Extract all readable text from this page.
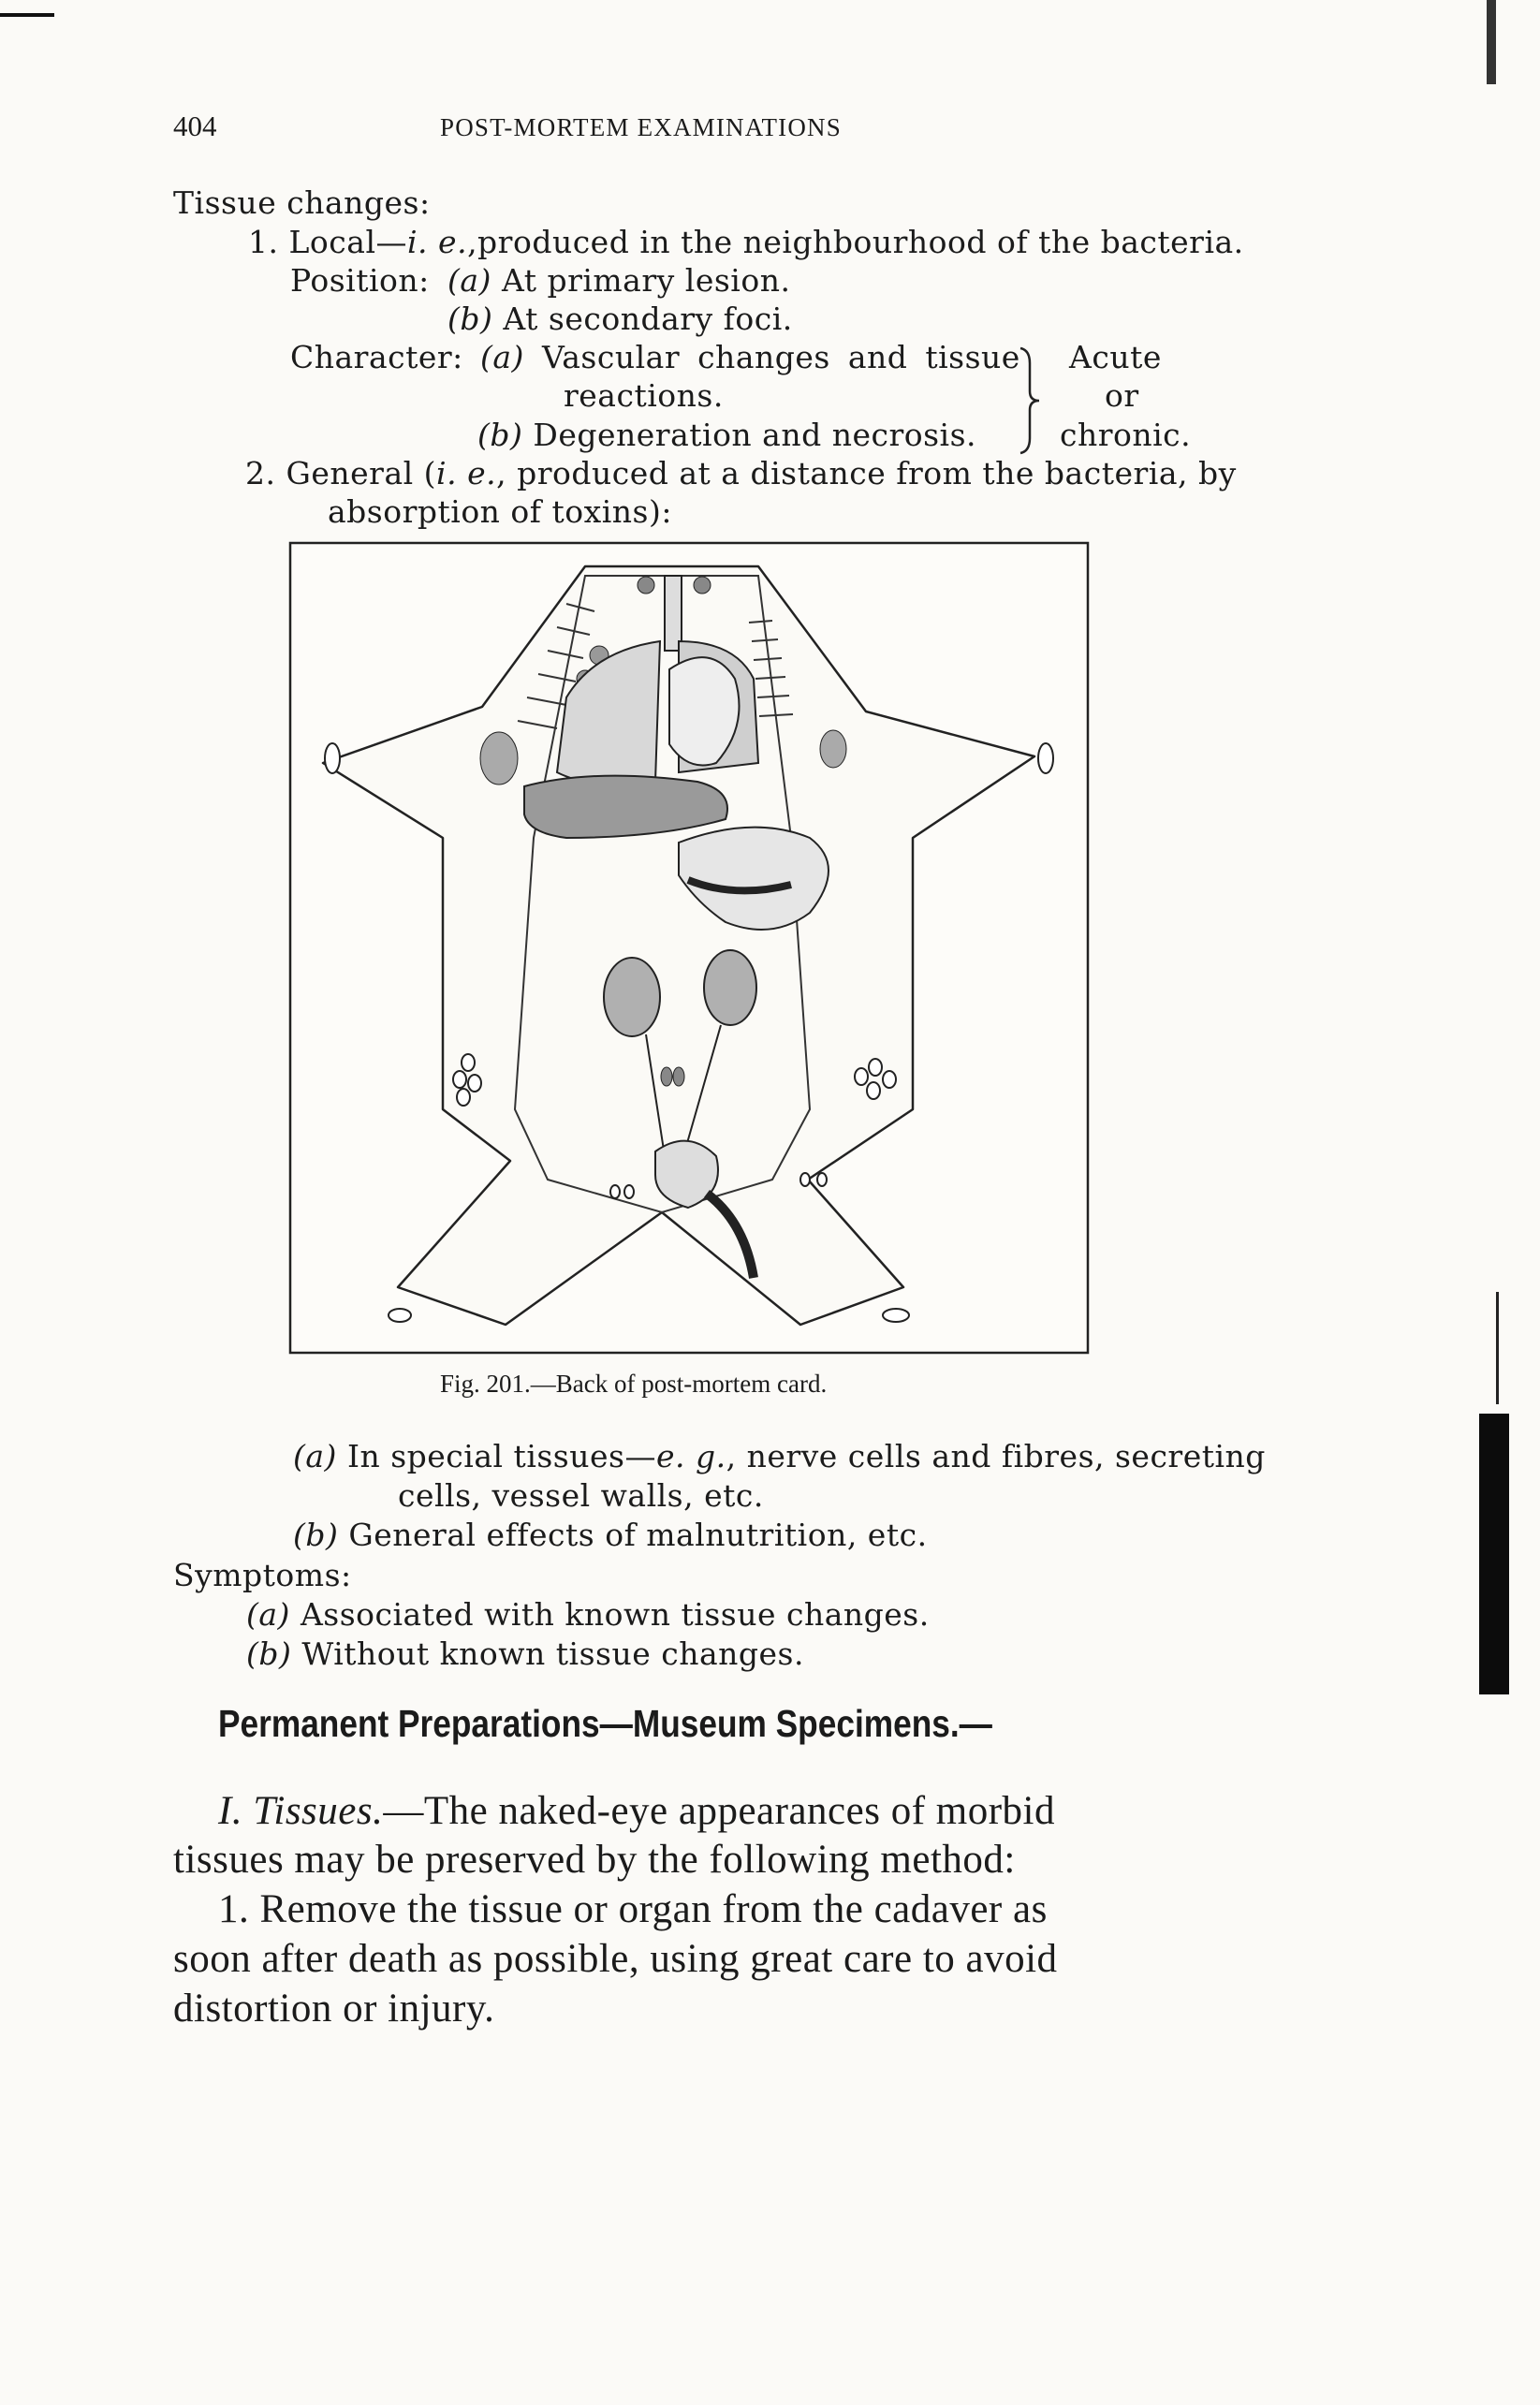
404	POST-MORTEM EXAMINATIONS
Tissue changes:
1. Local—i. e.,produced in the neighbourhood of the bacteria.
Position: (a) At primary lesion.
(b) At secondary foci.
Character: (a) Vascular changes and tissue
reactions.
(b) Degeneration and necrosis.
Acute
or
chronic.
2. General (i. e., produced at a distance from the bacteria, by
absorption of toxins):
Fig. 201.—Back of post-mortem card.
(a) In special tissues—e. g., nerve cells and fibres, secreting
cells, vessel walls, etc.
(b) General effects of malnutrition, etc.
Symptoms:
(a) Associated with known tissue changes.
(b) Without known tissue changes.
Permanent Preparations—Museum Specimens.—
I. Tissues.—The naked-eye appearances of morbid
tissues may be preserved by the following method:
1. Remove the tissue or organ from the cadaver as
soon after death as possible, using great care to avoid
distortion or injury.
